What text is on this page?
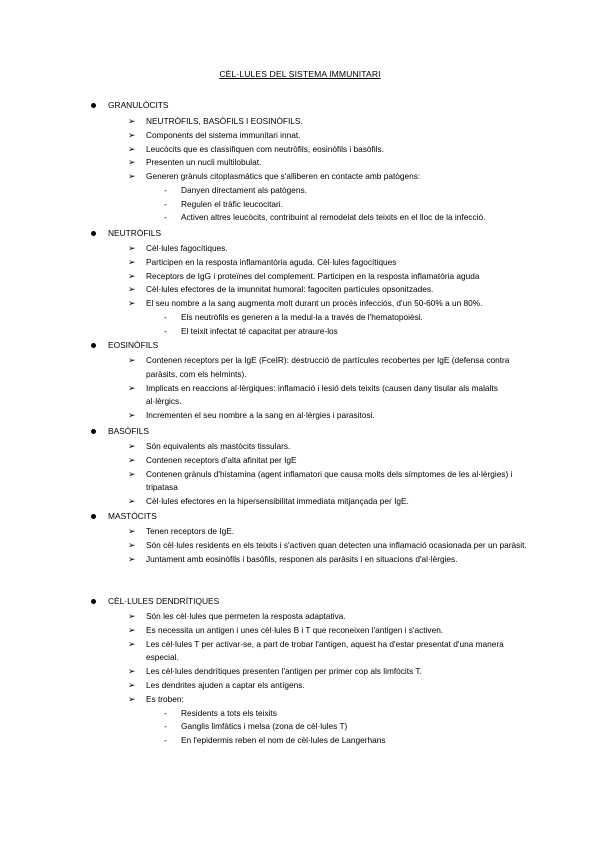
CÈL·LULES DEL SISTEMA IMMUNITARI
GRANULÒCITS
➢ NEUTRÒFILS, BASÒFILS I EOSINÒFILS.
➢ Components del sistema immunitari innat.
➢ Leucòcits que es classifiquen com neutròfils, eosinòfils i basòfils.
➢ Presenten un nucli multilobulat.
➢ Generen grànuls citoplasmàtics que s'alliberen en contacte amb patògens:
- Danyen directament als patògens.
- Regulen el tràfic leucocitari.
- Activen altres leucòcits, contribuint al remodelat dels teixits en el lloc de la infecció.
NEUTRÒFILS
➢ Cèl·lules fagocítiques.
➢ Participen en la resposta inflamantòria aguda. Cèl·lules fagocítiques
➢ Receptors de IgG i proteïnes del complement. Participen en la resposta inflamatòria aguda
➢ Cèl·lules efectores de la imunnitat humoral: fagociten partícules opsonitzades.
➢ El seu nombre a la sang augmenta molt durant un procés infecciós, d'un 50-60% a un 80%.
- Els neutròfils es generen a la medul·la a través de l'hematopoièsi.
- El teixit infectat té capacitat per atraure-los
EOSINÒFILS
➢ Contenen receptors per la IgE (FceIR): destrucció de partícules recobertes per IgE (defensa contra paràsits, com els helmints).
➢ Implicats en reaccions al·lèrgiques: inflamació i lesió dels teixits (causen dany tisular als malalts al·lèrgics.
➢ Incrementen el seu nombre a la sang en al·lèrgies i parasitosi.
BASÒFILS
➢ Són equivalents als mastòcits tissulars.
➢ Contenen receptors d'alta afinitat per IgE
➢ Contenen grànuls d'histamina (agent inflamatori que causa molts dels símptomes de les al·lèrgies) i tripatasa
➢ Cèl·lules efectores en la hipersensibilitat immediata mitjançada per IgE.
MASTÒCITS
➢ Tenen receptors de IgE.
➢ Són cèl·lules residents en els teixits i s'activen quan detecten una inflamació ocasionada per un paràsit.
➢ Juntament amb eosinòfils i basòfils, responen als paràsits i en situacions d'al·lèrgies.
CÈL·LULES DENDRÍTIQUES
➢ Són les cèl·lules que permeten la resposta adaptativa.
➢ Es necessita un antigen i unes cèl·lules B i T que reconeixen l'antigen i s'activen.
➢ Les cèl·lules T per activar-se, a part de trobar l'antigen, aquest ha d'estar presentat d'una manera especial.
➢ Les cèl·lules dendrítiques presenten l'antigen per primer cop als limfòcits T.
➢ Les dendrites ajuden a captar els antígens.
➢ Es troben:
- Residents a tots els teixits
- Ganglis limfàtics i melsa (zona de cèl·lules T)
- En l'epidermis reben el nom de cèl·lules de Langerhans
